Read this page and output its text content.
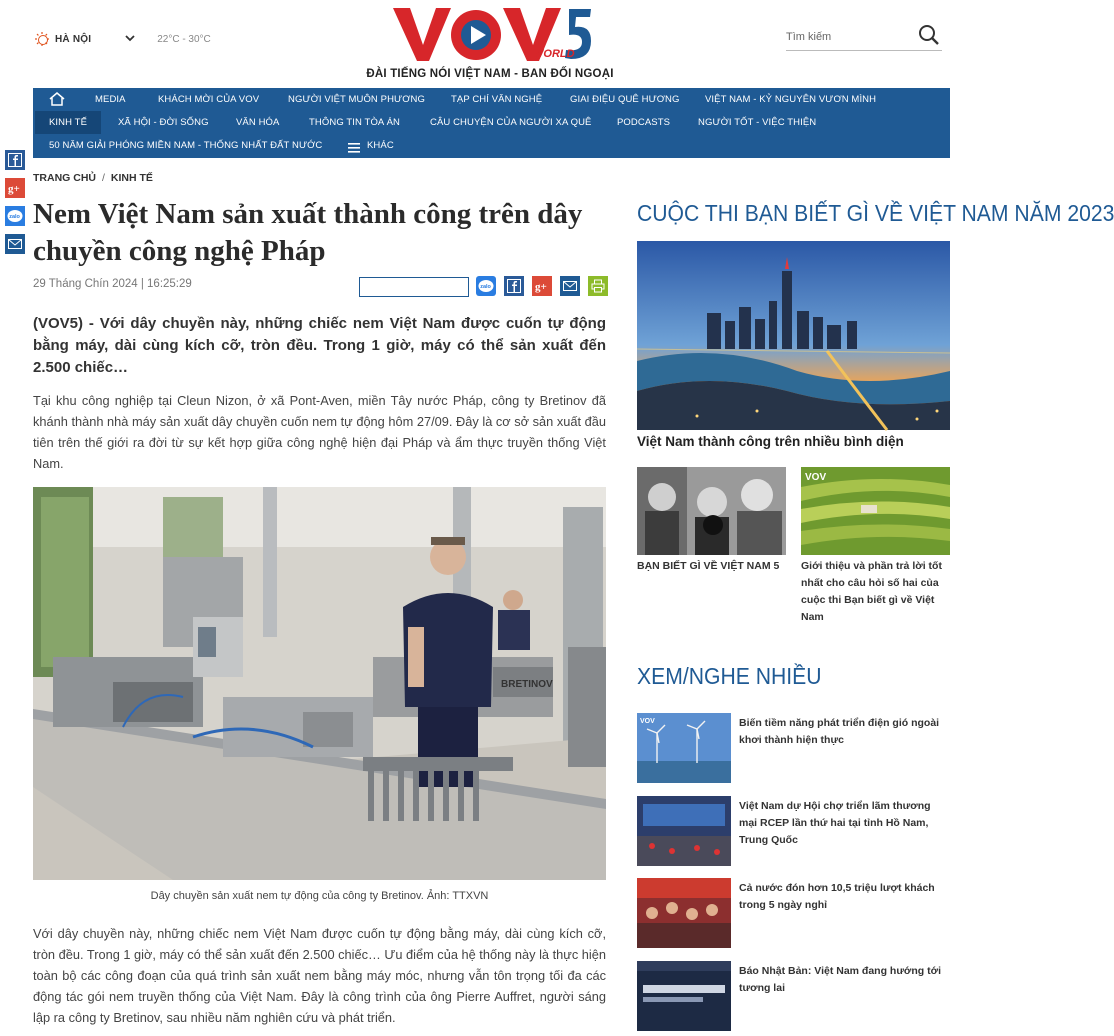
HÀ NỘI	22°C - 30°C
WORLD
ĐÀI TIẾNG NÓI VIỆT NAM - BAN ĐỐI NGOẠI
Tìm kiếm
MEDIA	KHÁCH MỜI CỦA VOV	NGƯỜI VIỆT MUÔN PHƯƠNG	TẠP CHÍ VĂN NGHỆ	GIAI ĐIỆU QUÊ HƯƠNG	VIỆT NAM - KỶ NGUYÊN VƯƠN MÌNH
KINH TẾ	XÃ HỘI - ĐỜI SỐNG	VĂN HÓA	THÔNG TIN TÒA ÁN	CÂU CHUYỆN CỦA NGƯỜI XA QUÊ	PODCASTS	NGƯỜI TỐT - VIỆC THIỆN
50 NĂM GIẢI PHÓNG MIỀN NAM - THỐNG NHẤT ĐẤT NƯỚC	KHÁC
g+
zalo
TRANG CHỦ / KINH TẾ
Nem Việt Nam sản xuất thành công trên dây chuyền công nghệ Pháp
29 Tháng Chín 2024 | 16:25:29	zalo	g+

(VOV5) - Với dây chuyền này, những chiếc nem Việt Nam được cuốn tự động bằng máy, dài cùng kích cỡ, tròn đều. Trong 1 giờ, máy có thể sản xuất đến 2.500 chiếc…

Tại khu công nghiệp tại Cleun Nizon, ở xã Pont-Aven, miền Tây nước Pháp, công ty Bretinov đã khánh thành nhà máy sản xuất dây chuyền cuốn nem tự động hôm 27/09. Đây là cơ sở sản xuất đầu tiên trên thế giới ra đời từ sự kết hợp giữa công nghệ hiện đại Pháp và ẩm thực truyền thống Việt Nam.

BRETINOV
Dây chuyền sản xuất nem tự động của công ty Bretinov. Ảnh: TTXVN

Với dây chuyền này, những chiếc nem Việt Nam được cuốn tự động bằng máy, dài cùng kích cỡ, tròn đều. Trong 1 giờ, máy có thể sản xuất đến 2.500 chiếc… Ưu điểm của hệ thống này là thực hiện toàn bộ các công đoạn của quá trình sản xuất nem bằng máy móc, nhưng vẫn tôn trọng tối đa các động tác gói nem truyền thống của Việt Nam. Đây là công trình của ông Pierre Auffret, người sáng lập ra công ty Bretinov, sau nhiều năm nghiên cứu và phát triển.

CUỘC THI BẠN BIẾT GÌ VỀ VIỆT NAM NĂM 2023
Việt Nam thành công trên nhiều bình diện
BẠN BIẾT GÌ VỀ VIỆT NAM 5
VOV
Giới thiệu và phần trả lời tốt nhất cho câu hỏi số hai của cuộc thi Bạn biết gì về Việt Nam
XEM/NGHE NHIỀU
VOV	Biến tiềm năng phát triển điện gió ngoài khơi thành hiện thực
Việt Nam dự Hội chợ triển lãm thương mại RCEP lần thứ hai tại tỉnh Hồ Nam, Trung Quốc
Cả nước đón hơn 10,5 triệu lượt khách trong 5 ngày nghỉ
Báo Nhật Bản: Việt Nam đang hướng tới tương lai
